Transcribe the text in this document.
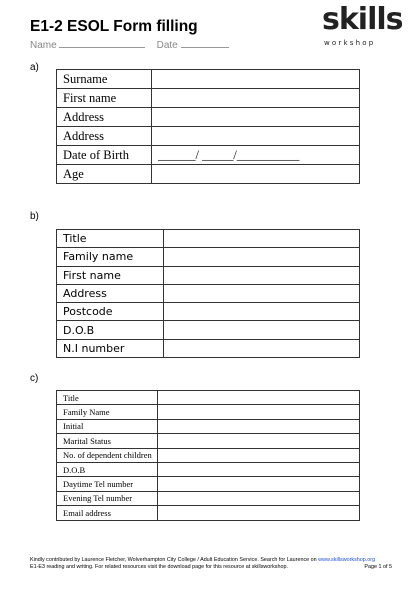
E1-2 ESOL Form filling
Name	Date
skills
workshop
a)
Surname	
First name	
Address	
Address	
Date of Birth	______/ _____/__________
Age	
b)
Title	
Family name	
First name	
Address	
Postcode	
D.O.B	
N.I number	
c)
Title	
Family Name	
Initial	
Marital Status	
No. of dependent children	
D.O.B	
Daytime Tel number	
Evening Tel number	
Email address	
Kindly contributed by Laurence Fletcher, Wolverhampton City College / Adult Education Service. Search for Laurence on www.skillsworkshop.org
E1-E3 reading and writing. For related resources visit the download page for this resource at skillsworkshop.	Page 1 of 5
